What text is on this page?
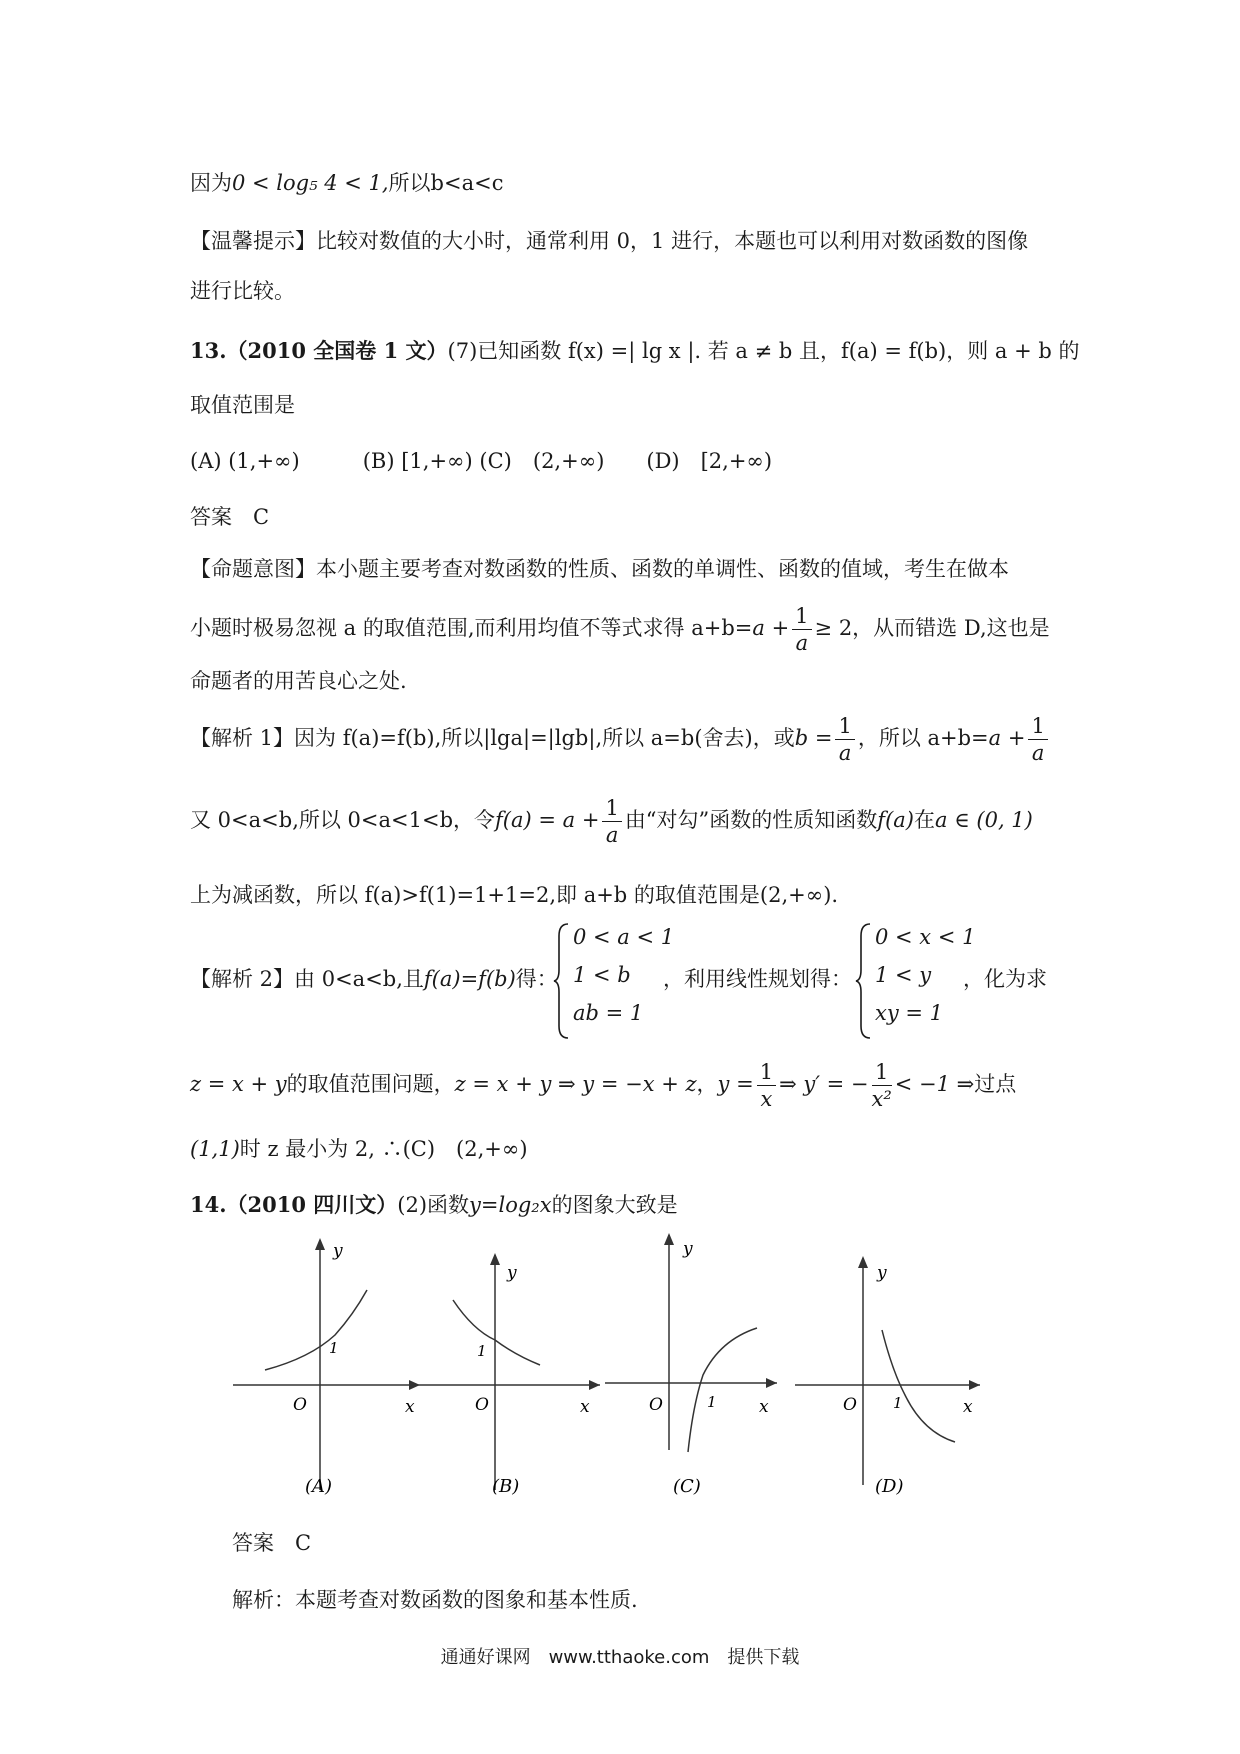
因为0 < log₅ 4 < 1,所以b<a<c
【温馨提示】比较对数值的大小时，通常利用 0，1 进行，本题也可以利用对数函数的图像
进行比较。
13.（2010 全国卷 1 文）(7)已知函数 f(x) =| lg x |. 若 a ≠ b 且，f(a) = f(b)，则 a + b 的
取值范围是
(A) (1,+∞)　　　(B) [1,+∞) (C)　(2,+∞)　　(D)　[2,+∞)
答案　C
【命题意图】本小题主要考查对数函数的性质、函数的单调性、函数的值域，考生在做本
小题时极易忽视 a 的取值范围,而利用均值不等式求得 $a+b=a + \frac{1}{a} \ge 2$，从而错选 D,这也是
命题者的用苦良心之处.
【解析 1】因为 f(a)=f(b),所以|lga|=|lgb|,所以 a=b(舍去)，或$b = \frac{1}{a}$ ，所以 $a+b=a + \frac{1}{a}$
又 0<a<b,所以 0<a<1<b，令$f(a) = a + \frac{1}{a}$ 由“对勾”函数的性质知函数f(a)在a ∈ (0, 1)
上为减函数，所以 f(a)>f(1)=1+1=2,即 a+b 的取值范围是(2,+∞).
【解析 2】由 0<a<b,且f(a)=f(b)得：
0 < a < 1
1 < b
ab = 1
，利用线性规划得：
0 < x < 1
1 < y
xy = 1
，化为求
z = x + y的取值范围问题，z = x + y ⇒ y = −x + z，$y = \frac{1}{x}$ ⇒ y′ = − $\frac{1}{\text{x²}} < -1$ ⇒过点
(1,1)时 z 最小为 2, ∴(C)　(2,+∞)
14.（2010 四川文）(2)函数y=log₂x的图象大致是
y
1
O	x
(A)
y
1
O	x
(B)
y
1
O	x
(C)
y
1
O	x
(D)
答案　C
解析：本题考查对数函数的图象和基本性质.
通通好课网　www.tthaoke.com　提供下载
